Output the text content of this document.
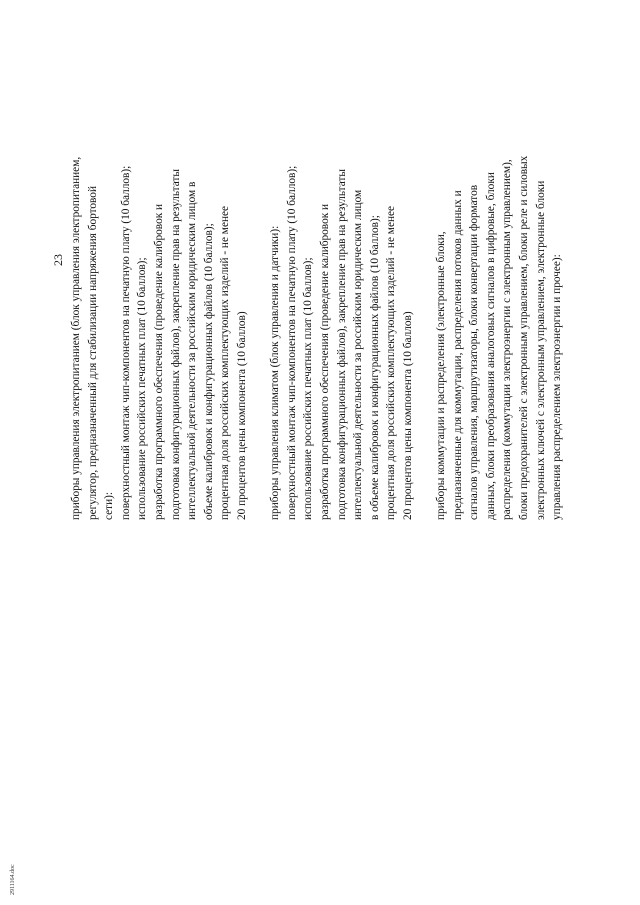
23 приборы управления электропитанием (блок управления электропитанием, регулятор, предназначенный для стабилизации напряжения бортовой сети): поверхностный монтаж чип-компонентов на печатную плату (10 баллов); использование российских печатных плат (10 баллов); разработка программного обеспечения (проведение калибровок и подготовка конфигурационных файлов), закрепление прав на результаты интеллектуальной деятельности за российским юридическим лицом в объеме калибровок и конфигурационных файлов (10 баллов); процентная доля российских комплектующих изделий - не менее 20 процентов цены компонента (10 баллов) приборы управления климатом (блок управления и датчики): поверхностный монтаж чип-компонентов на печатную плату (10 баллов); использование российских печатных плат (10 баллов); разработка программного обеспечения (проведение калибровок и подготовка конфигурационных файлов), закрепление прав на результаты интеллектуальной деятельности за российским юридическим лицом в объеме калибровок и конфигурационных файлов (10 баллов); процентная доля российских комплектующих изделий - не менее 20 процентов цены компонента (10 баллов) приборы коммутации и распределения (электронные блоки, предназначенные для коммутации, распределения потоков данных и сигналов управления, маршрутизаторы, блоки конвертации форматов данных, блоки преобразования аналоговых сигналов в цифровые, блоки распределения (коммутации электроэнергии с электронным управлением), блоки предохранителей с электронным управлением, блоки реле и силовых электронных ключей с электронным управлением, электронные блоки управления распределением электроэнергии и прочее):
2911164.doc
